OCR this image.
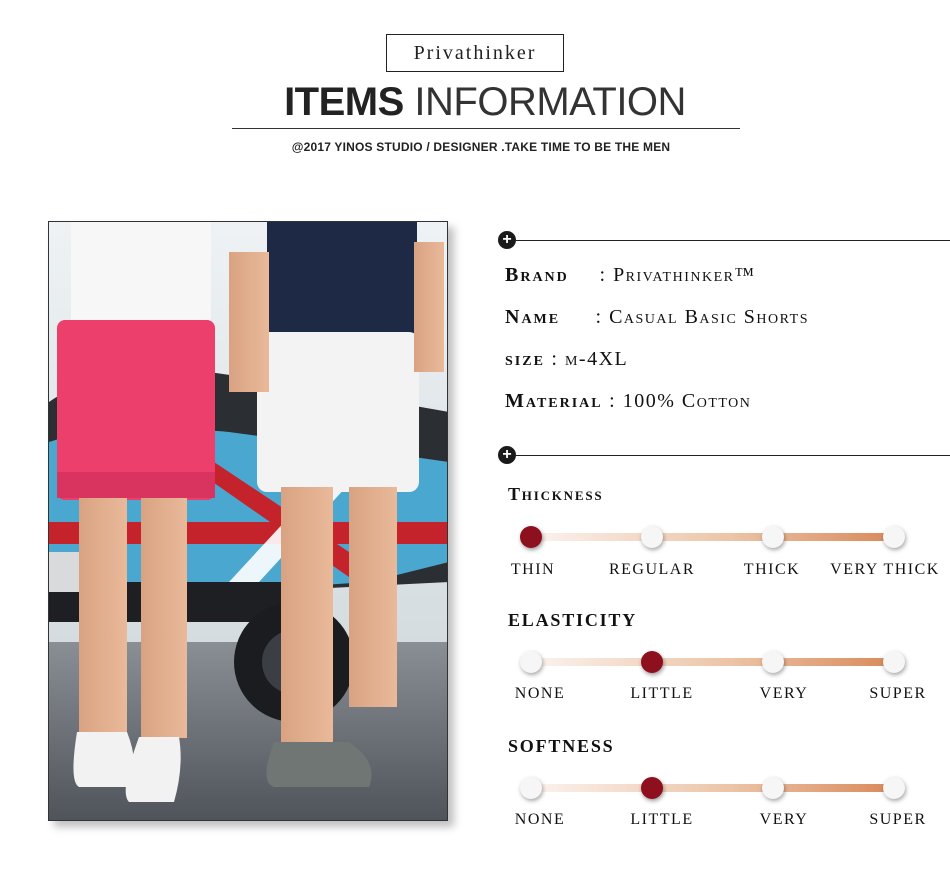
Privathinker
ITEMS INFORMATION
@2017 YINOS STUDIO / DESIGNER .TAKE TIME TO BE THE MEN
+
Brand : Privathinker™
Name : Casual Basic Shorts
size : m-4XL
Material : 100% Cotton
+
Thickness
THIN	REGULAR	THICK	VERY THICK
ELASTICITY
NONE	LITTLE	VERY	SUPER
SOFTNESS
NONE	LITTLE	VERY	SUPER
